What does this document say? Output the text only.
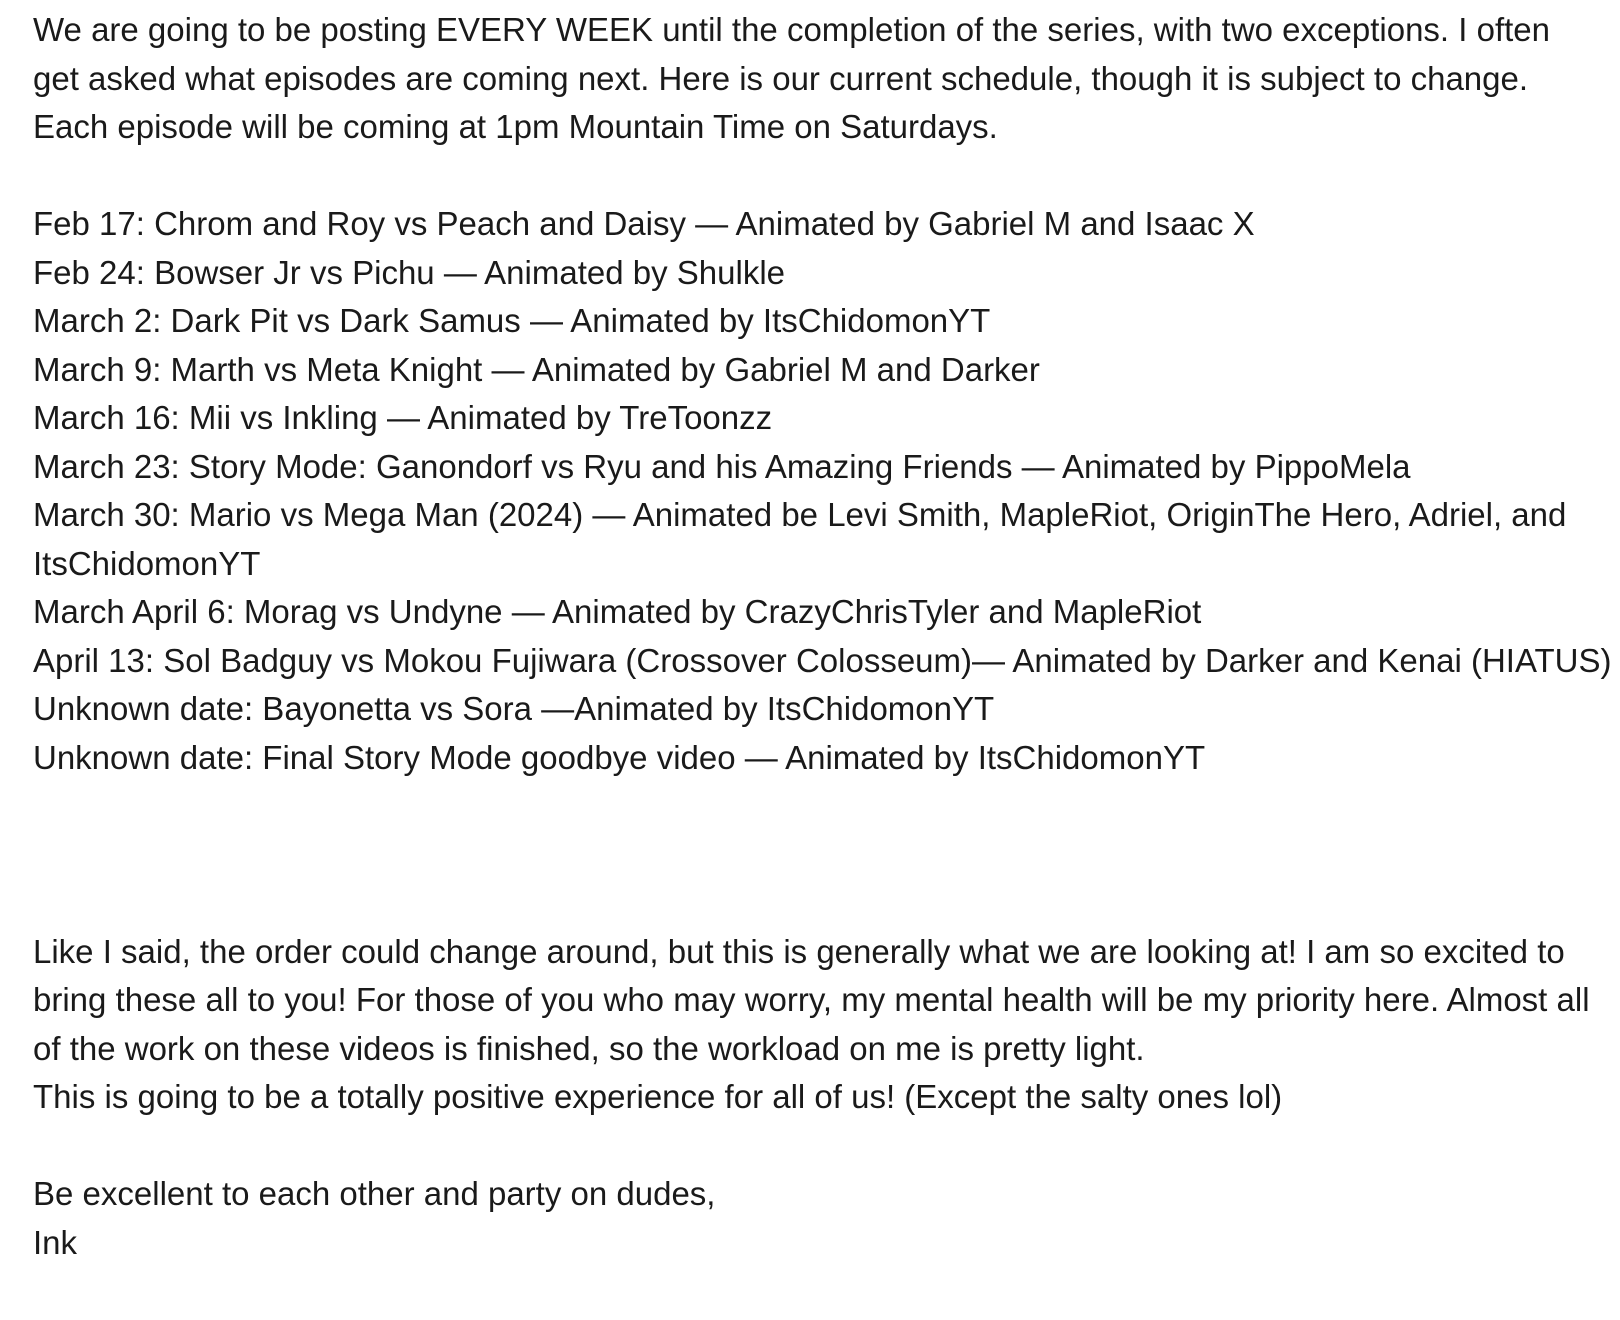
We are going to be posting EVERY WEEK until the completion of the series, with two exceptions. I often get asked what episodes are coming next. Here is our current schedule, though it is subject to change. Each episode will be coming at 1pm Mountain Time on Saturdays.

Feb 17: Chrom and Roy vs Peach and Daisy — Animated by Gabriel M and Isaac X
Feb 24: Bowser Jr vs Pichu — Animated by Shulkle
March 2: Dark Pit vs Dark Samus — Animated by ItsChidomonYT
March 9: Marth vs Meta Knight — Animated by Gabriel M and Darker
March 16: Mii vs Inkling — Animated by TreToonzz
March 23: Story Mode: Ganondorf vs Ryu and his Amazing Friends — Animated by PippoMela
March 30: Mario vs Mega Man (2024) — Animated be Levi Smith, MapleRiot, OriginThe Hero, Adriel, and ItsChidomonYT
March April 6: Morag vs Undyne — Animated by CrazyChrisTyler and MapleRiot
April 13: Sol Badguy vs Mokou Fujiwara (Crossover Colosseum)— Animated by Darker and Kenai (HIATUS)
Unknown date: Bayonetta vs Sora —Animated by ItsChidomonYT
Unknown date: Final Story Mode goodbye video — Animated by ItsChidomonYT

Like I said, the order could change around, but this is generally what we are looking at! I am so excited to bring these all to you! For those of you who may worry, my mental health will be my priority here. Almost all of the work on these videos is finished, so the workload on me is pretty light.

This is going to be a totally positive experience for all of us! (Except the salty ones lol)

Be excellent to each other and party on dudes,

Ink
